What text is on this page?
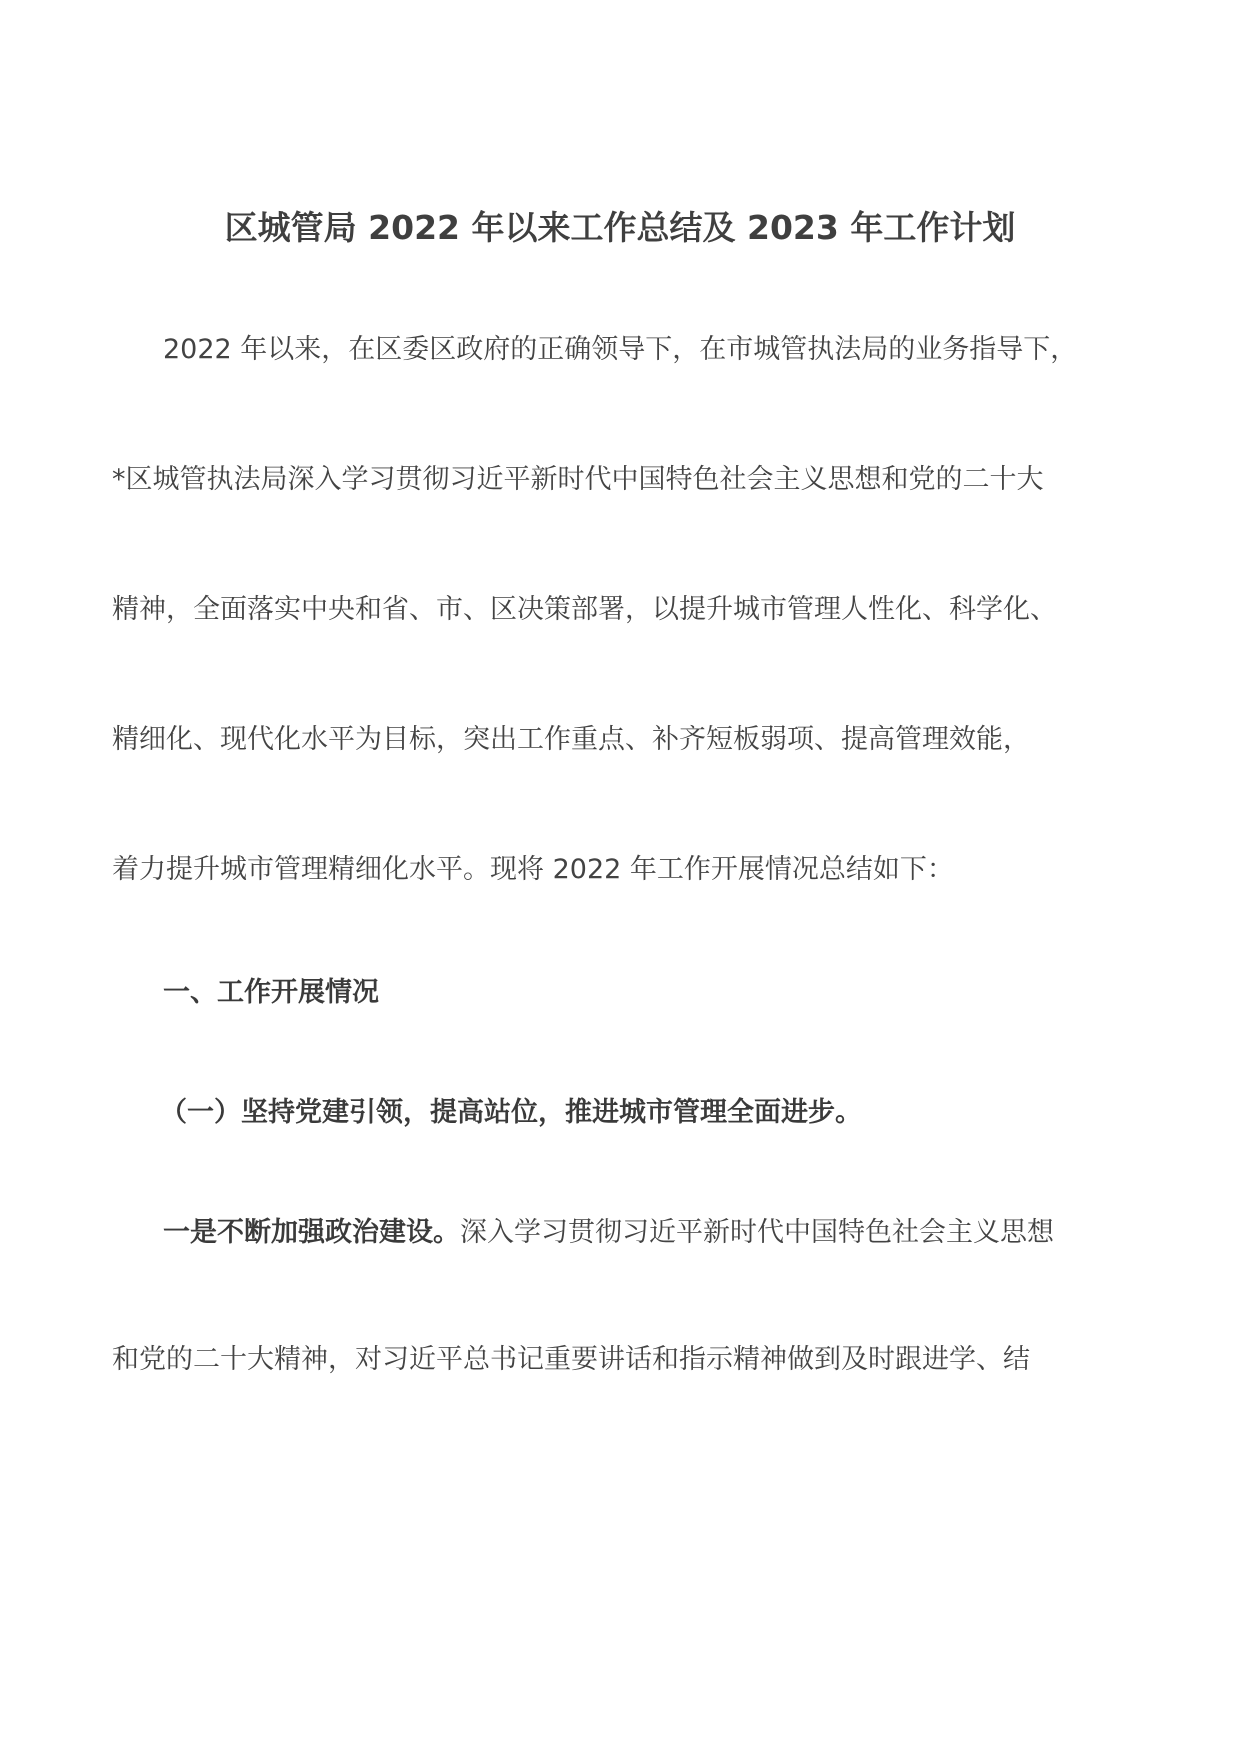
区城管局 2022 年以来工作总结及 2023 年工作计划
2022 年以来，在区委区政府的正确领导下，在市城管执法局的业务指导下，
*区城管执法局深入学习贯彻习近平新时代中国特色社会主义思想和党的二十大
精神，全面落实中央和省、市、区决策部署，以提升城市管理人性化、科学化、
精细化、现代化水平为目标，突出工作重点、补齐短板弱项、提高管理效能，
着力提升城市管理精细化水平。现将 2022 年工作开展情况总结如下：
一、工作开展情况
（一）坚持党建引领，提高站位，推进城市管理全面进步。
一是不断加强政治建设。深入学习贯彻习近平新时代中国特色社会主义思想
和党的二十大精神，对习近平总书记重要讲话和指示精神做到及时跟进学、结
